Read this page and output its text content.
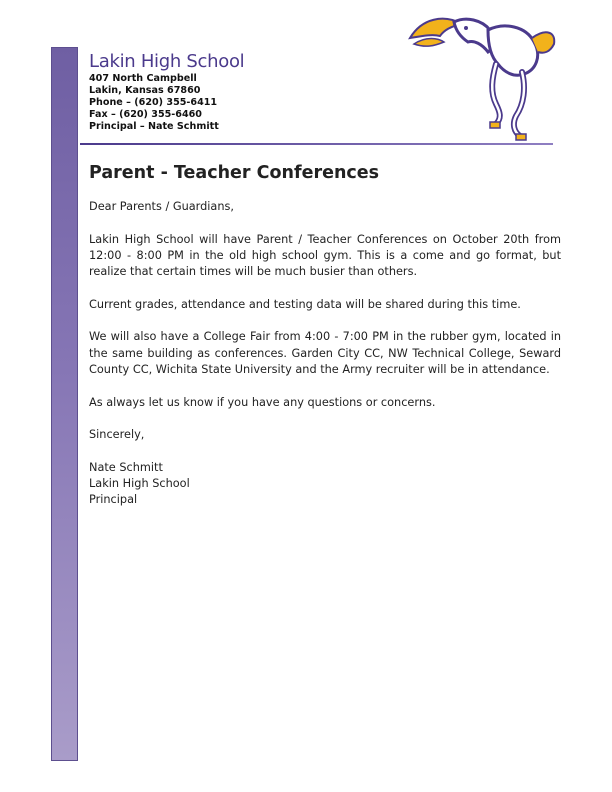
Lakin High School
407 North Campbell
Lakin, Kansas 67860
Phone – (620) 355-6411
Fax – (620) 355-6460
Principal – Nate Schmitt
Parent - Teacher Conferences

Dear Parents / Guardians,

Lakin High School will have Parent / Teacher Conferences on October 20th from 12:00 - 8:00 PM in the old high school gym. This is a come and go format, but realize that certain times will be much busier than others.

Current grades, attendance and testing data will be shared during this time.

We will also have a College Fair from 4:00 - 7:00 PM in the rubber gym, located in the same building as conferences. Garden City CC, NW Technical College, Seward County CC, Wichita State University and the Army recruiter will be in attendance.

As always let us know if you have any questions or concerns.

Sincerely,

Nate Schmitt
Lakin High School
Principal
